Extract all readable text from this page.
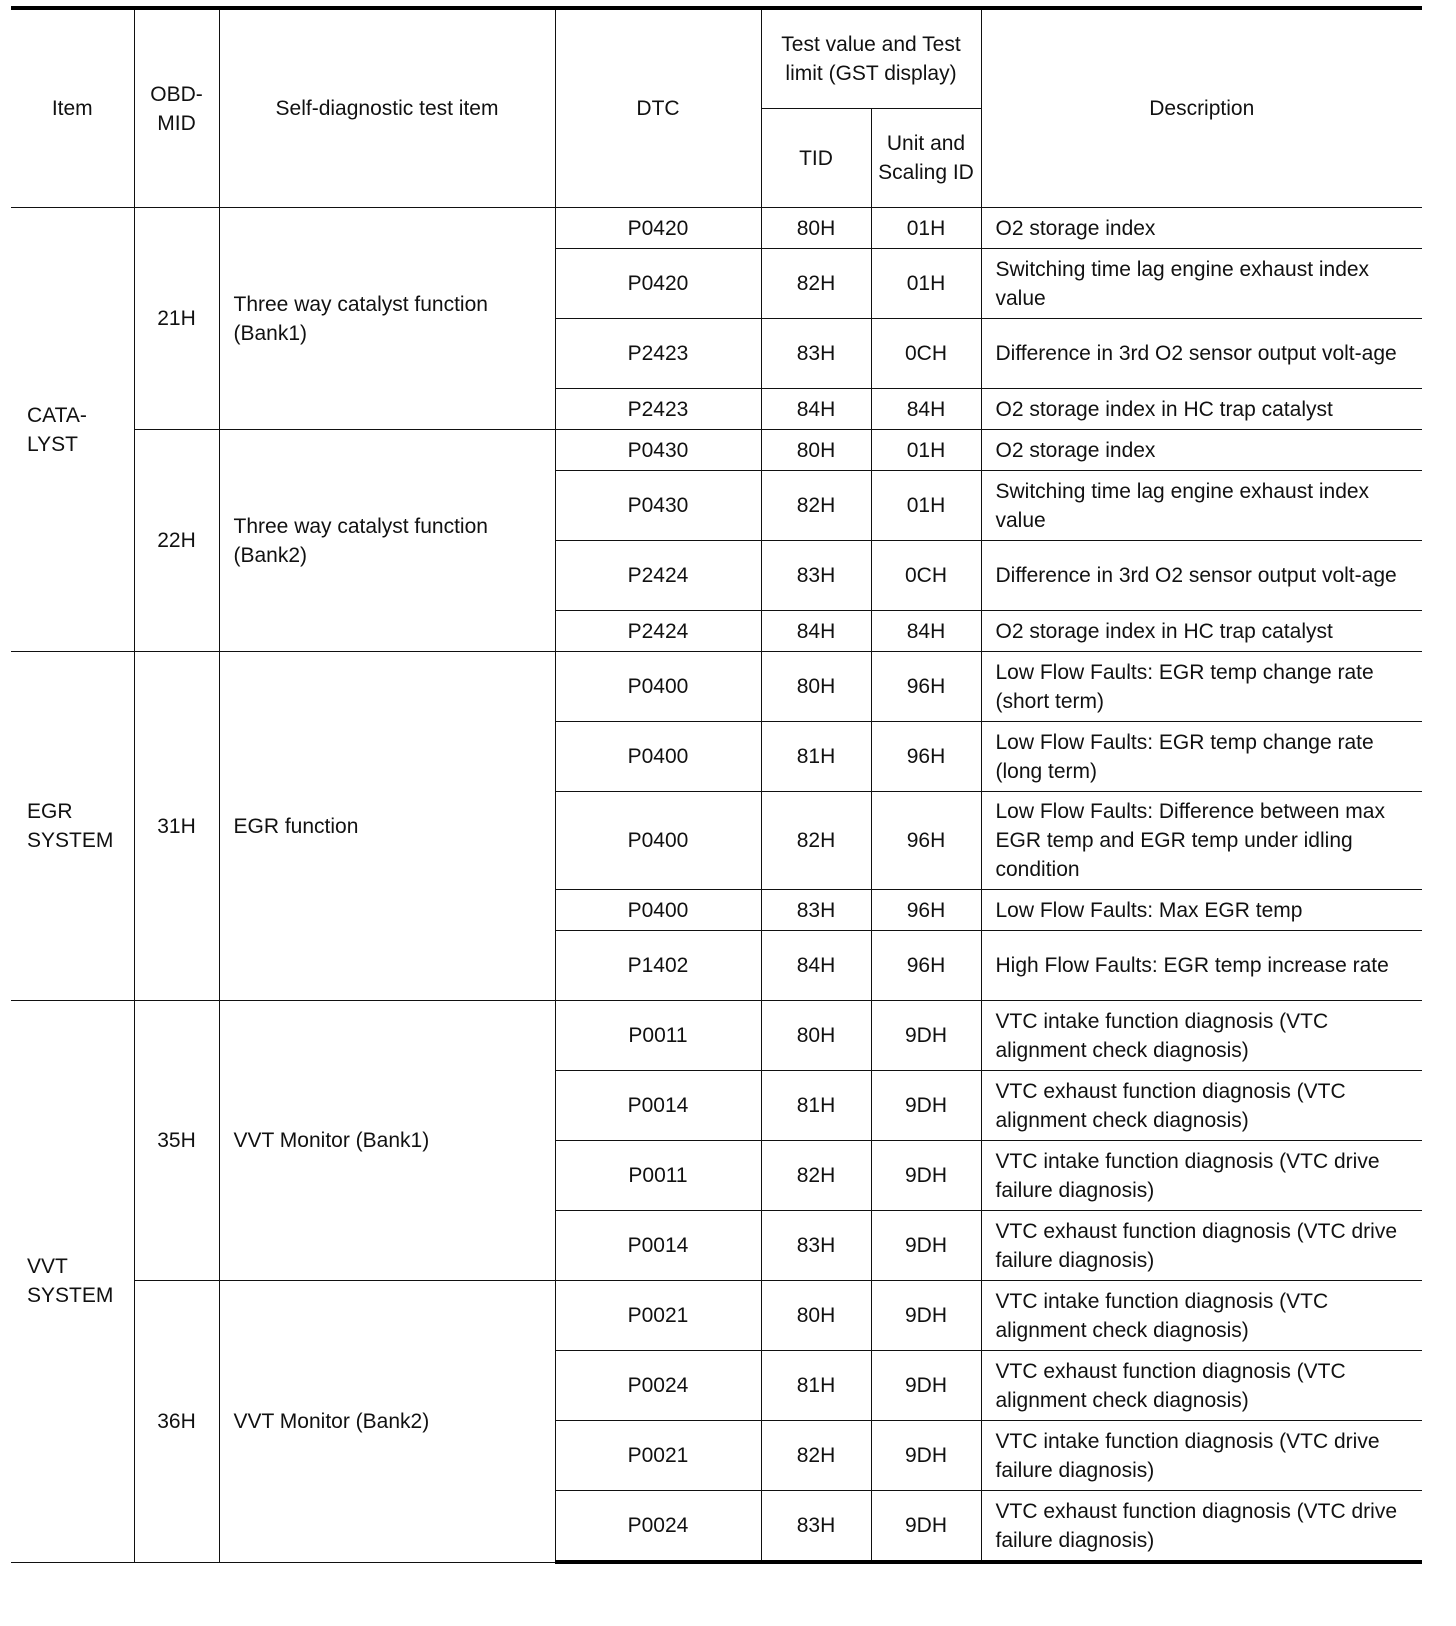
Item	OBD-MID	Self-diagnostic test item	DTC	Test value and Test limit (GST display)		Description
				TID	Unit and Scaling ID	
CATA-LYST	21H	Three way catalyst function (Bank1)	P0420	80H	01H	O2 storage index
			P0420	82H	01H	Switching time lag engine exhaust index value
			P2423	83H	0CH	Difference in 3rd O2 sensor output volt-age
			P2423	84H	84H	O2 storage index in HC trap catalyst
	22H	Three way catalyst function (Bank2)	P0430	80H	01H	O2 storage index
			P0430	82H	01H	Switching time lag engine exhaust index value
			P2424	83H	0CH	Difference in 3rd O2 sensor output volt-age
			P2424	84H	84H	O2 storage index in HC trap catalyst
EGR SYSTEM	31H	EGR function	P0400	80H	96H	Low Flow Faults: EGR temp change rate (short term)
			P0400	81H	96H	Low Flow Faults: EGR temp change rate (long term)
			P0400	82H	96H	Low Flow Faults: Difference between max EGR temp and EGR temp under idling condition
			P0400	83H	96H	Low Flow Faults: Max EGR temp
			P1402	84H	96H	High Flow Faults: EGR temp increase rate
VVT SYSTEM	35H	VVT Monitor (Bank1)	P0011	80H	9DH	VTC intake function diagnosis (VTC alignment check diagnosis)
			P0014	81H	9DH	VTC exhaust function diagnosis (VTC alignment check diagnosis)
			P0011	82H	9DH	VTC intake function diagnosis (VTC drive failure diagnosis)
			P0014	83H	9DH	VTC exhaust function diagnosis (VTC drive failure diagnosis)
	36H	VVT Monitor (Bank2)	P0021	80H	9DH	VTC intake function diagnosis (VTC alignment check diagnosis)
			P0024	81H	9DH	VTC exhaust function diagnosis (VTC alignment check diagnosis)
			P0021	82H	9DH	VTC intake function diagnosis (VTC drive failure diagnosis)
			P0024	83H	9DH	VTC exhaust function diagnosis (VTC drive failure diagnosis)
